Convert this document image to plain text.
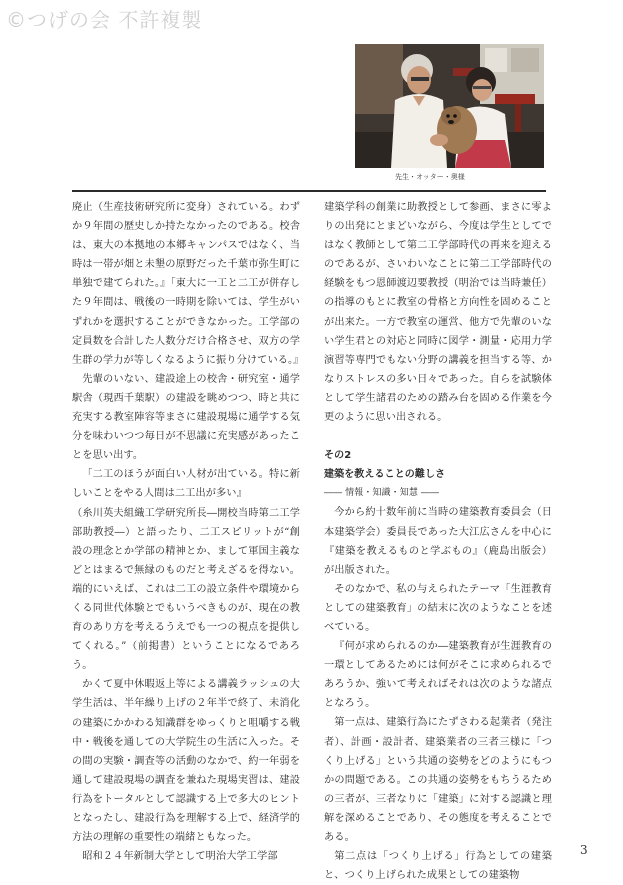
©つげの会 不許複製
先生・オッター・奥様

廃止（生産技術研究所に変身）されている。わずか９年間の歴史しか持たなかったのである。校舎は、東大の本拠地の本郷キャンパスではなく、当時は一帯が畑と未墾の原野だった千葉市弥生町に単独で建てられた。』「東大に一工と二工が併存した９年間は、戦後の一時期を除いては、学生がいずれかを選択することができなかった。工学部の定員数を合計した人数分だけ合格させ、双方の学生群の学力が等しくなるように振り分けている。』

先輩のいない、建設途上の校舎・研究室・通学駅舎（現西千葉駅）の建設を眺めつつ、時と共に充実する教室陣容等まさに建設現場に通学する気分を味わいつつ毎日が不思議に充実感があったことを思い出す。

「二工のほうが面白い人材が出ている。特に新しいことをやる人間は二工出が多い』

（糸川英夫組織工学研究所長―開校当時第二工学部助教授―）と語ったり、二工スピリットが“創設の理念とか学部の精神とか、まして軍国主義などとはまるで無縁のものだと考えざるを得ない。端的にいえば、これは二工の設立条件や環境からくる同世代体験とでもいうべきものが、現在の教育のあり方を考えるうえでも一つの視点を提供してくれる。”（前掲書）ということになるであろう。

かくて夏中休暇返上等による講義ラッシュの大学生活は、半年繰り上げの２年半で終了、未消化の建築にかかわる知識群をゆっくりと咀嚼する戦中・戦後を通しての大学院生の生活に入った。その間の実験・調査等の活動のなかで、約一年弱を通して建設現場の調査を兼ねた現場実習は、建設行為をトータルとして認識する上で多大のヒントとなったし、建設行為を理解する上で、経済学的方法の理解の重要性の端緒ともなった。

昭和２４年新制大学として明治大学工学部

建築学科の創業に助教授として参画、まさに零よりの出発にとまどいながら、今度は学生としてではなく教師として第二工学部時代の再来を迎えるのであるが、さいわいなことに第二工学部時代の経験をもつ恩師渡辺要教授（明治では当時兼任）の指導のもとに教室の骨格と方向性を固めることが出来た。一方で教室の運営、他方で先輩のいない学生君との対応と同時に図学・測量・応用力学演習等専門でもない分野の講義を担当する等、かなりストレスの多い日々であった。自らを試験体として学生諸君のための踏み台を固める作業を今更のように思い出される。

その2

建築を教えることの難しさ

―― 情報・知識・知慧 ――

今から約十数年前に当時の建築教育委員会（日本建築学会）委員長であった大江広さんを中心に『建築を教えるものと学ぶもの』（鹿島出版会）が出版された。

そのなかで、私の与えられたテーマ「生涯教育としての建築教育」の結末に次のようなことを述べている。

『何が求められるのか―建築教育が生涯教育の一環としてあるためには何がそこに求められるであろうか、強いて考えればそれは次のような諸点となろう。

第一点は、建築行為にたずさわる起業者（発注者）、計画・設計者、建築業者の三者三様に「つくり上げる」という共通の姿勢をどのようにもつかの問題である。この共通の姿勢をもちうるための三者が、三者なりに「建築」に対する認識と理解を深めることであり、その態度を考えることである。

第二点は「つくり上げる」行為としての建築と、つくり上げられた成果としての建築物

3
